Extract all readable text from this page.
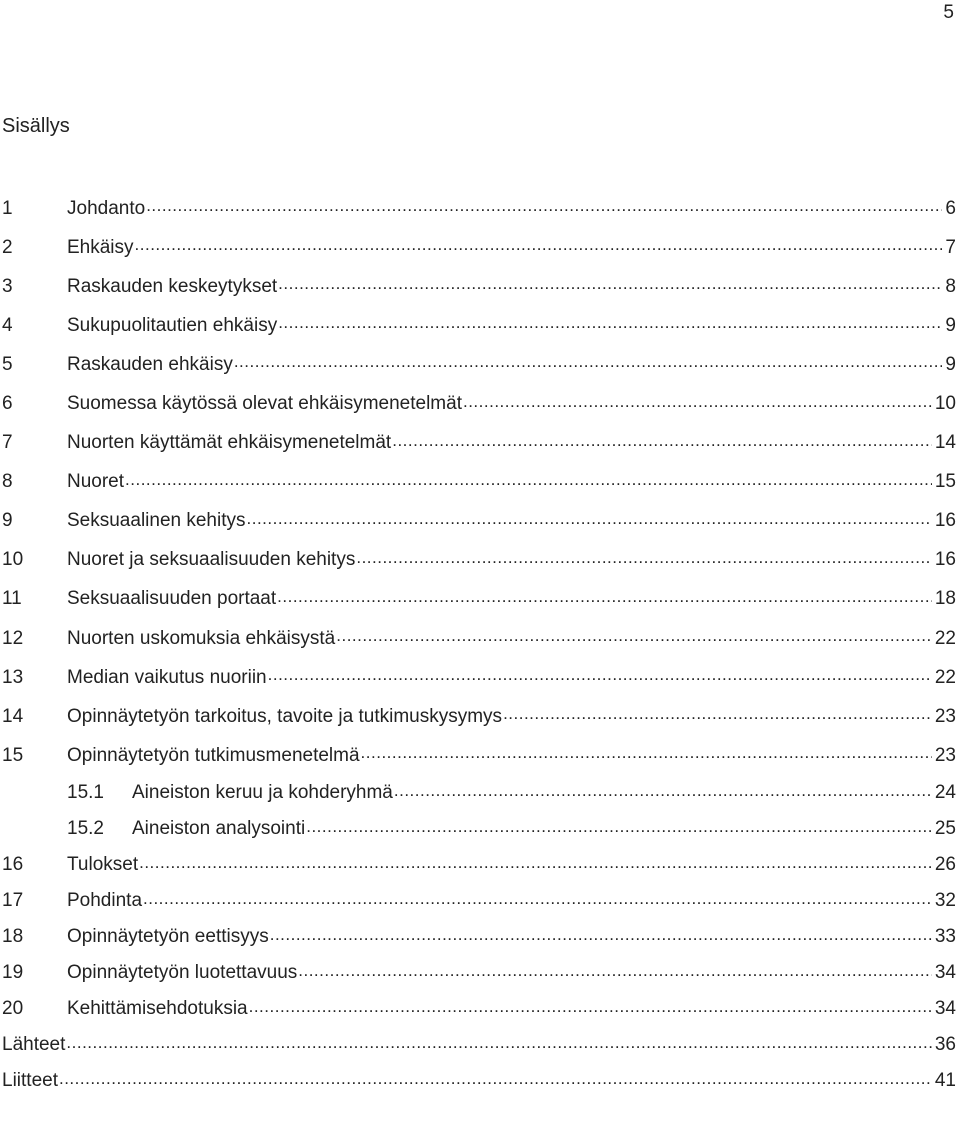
5
Sisällys
1	Johdanto .....	6
2	Ehkäisy .....	7
3	Raskauden keskeytykset .....	8
4	Sukupuolitautien ehkäisy .....	9
5	Raskauden ehkäisy .....	9
6	Suomessa käytössä olevat ehkäisymenetelmät .....	10
7	Nuorten käyttämät ehkäisymenetelmät .....	14
8	Nuoret .....	15
9	Seksuaalinen kehitys .....	16
10	Nuoret ja seksuaalisuuden kehitys .....	16
11	Seksuaalisuuden portaat .....	18
12	Nuorten uskomuksia ehkäisystä .....	22
13	Median vaikutus nuoriin .....	22
14	Opinnäytetyön tarkoitus, tavoite ja tutkimuskysymys .....	23
15	Opinnäytetyön tutkimusmenetelmä .....	23
15.1	Aineiston keruu ja kohderyhmä .....	24
15.2	Aineiston analysointi .....	25
16	Tulokset .....	26
17	Pohdinta .....	32
18	Opinnäytetyön eettisyys .....	33
19	Opinnäytetyön luotettavuus .....	34
20	Kehittämisehdotuksia .....	34
Lähteet .....	36
Liitteet .....	41
